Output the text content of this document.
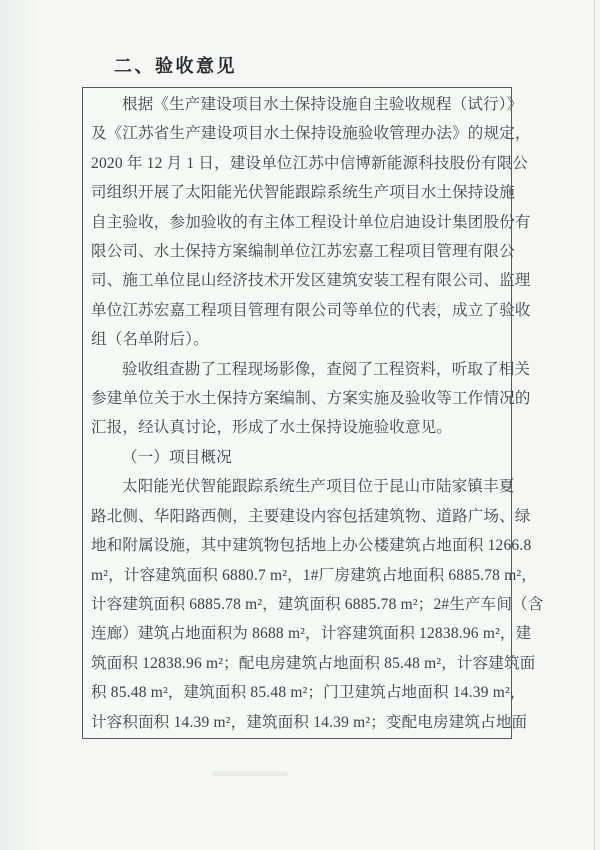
二、验收意见
根据《生产建设项目水土保持设施自主验收规程（试行）》
及《江苏省生产建设项目水土保持设施验收管理办法》的规定，
2020 年 12 月 1 日，建设单位江苏中信博新能源科技股份有限公
司组织开展了太阳能光伏智能跟踪系统生产项目水土保持设施
自主验收，参加验收的有主体工程设计单位启迪设计集团股份有
限公司、水土保持方案编制单位江苏宏嘉工程项目管理有限公
司、施工单位昆山经济技术开发区建筑安装工程有限公司、监理
单位江苏宏嘉工程项目管理有限公司等单位的代表，成立了验收
组（名单附后）。
验收组查勘了工程现场影像，查阅了工程资料，听取了相关
参建单位关于水土保持方案编制、方案实施及验收等工作情况的
汇报，经认真讨论，形成了水土保持设施验收意见。
（一）项目概况
太阳能光伏智能跟踪系统生产项目位于昆山市陆家镇丰夏
路北侧、华阳路西侧，主要建设内容包括建筑物、道路广场、绿
地和附属设施，其中建筑物包括地上办公楼建筑占地面积 1266.8
m²，计容建筑面积 6880.7 m²，1#厂房建筑占地面积 6885.78 m²，
计容建筑面积 6885.78 m²，建筑面积 6885.78 m²；2#生产车间（含
连廊）建筑占地面积为 8688 m²，计容建筑面积 12838.96 m²，建
筑面积 12838.96 m²；配电房建筑占地面积 85.48 m²，计容建筑面
积 85.48 m²，建筑面积 85.48 m²；门卫建筑占地面积 14.39 m²，
计容积面积 14.39 m²，建筑面积 14.39 m²；变配电房建筑占地面
